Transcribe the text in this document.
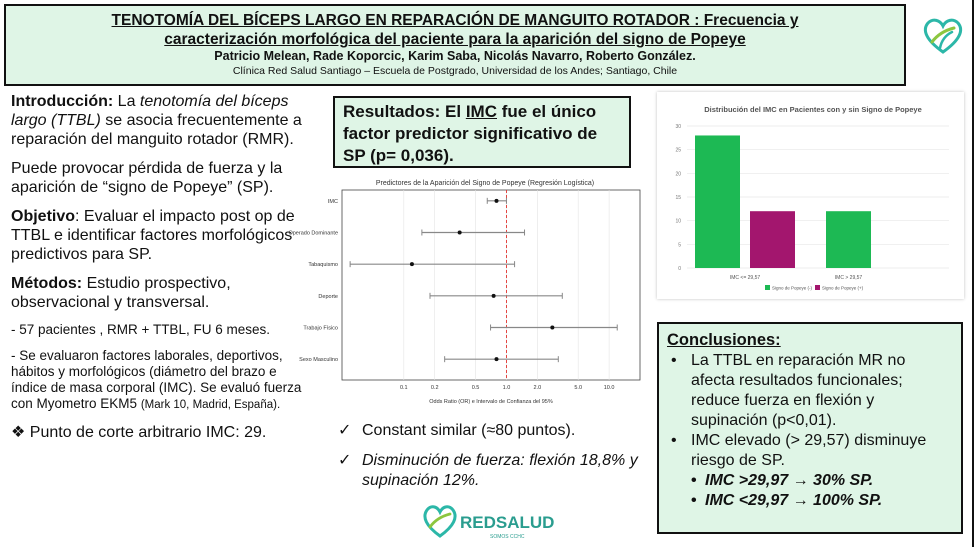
TENOTOMÍA DEL BÍCEPS LARGO EN REPARACIÓN DE MANGUITO ROTADOR : Frecuencia y
caracterización morfológica del paciente para la aparición del signo de Popeye
Patricio Melean, Rade Koporcic, Karim Saba, Nicolás Navarro, Roberto González.
Clínica Red Salud Santiago – Escuela de Postgrado, Universidad de los Andes; Santiago, Chile

Introducción: La tenotomía del bíceps largo (TTBL) se asocia frecuentemente a reparación del manguito rotador (RMR).

Puede provocar pérdida de fuerza y la aparición de “signo de Popeye” (SP).

Objetivo: Evaluar el impacto post op de TTBL e identificar factores morfológicos predictivos para SP.

Métodos: Estudio prospectivo, observacional y transversal.

- 57 pacientes , RMR + TTBL, FU 6 meses.

- Se evaluaron factores laborales, deportivos, hábitos y morfológicos (diámetro del brazo e índice de masa corporal (IMC). Se evaluó fuerza con Myometro EKM5 (Mark 10, Madrid, España).

❖ Punto de corte arbitrario IMC: 29.

Resultados: El IMC fue el único factor predictor significativo de SP (p= 0,036).
Predictores de la Aparición del Signo de Popeye (Regresión Logística)
IMC
Operado Dominante
Tabaquismo
Deporte
Trabajo Físico
Sexo Masculino
0.1	0.2	0.5	1.0	2.0	5.0	10.0
Odds Ratio (OR) e Intervalo de Confianza del 95%
✓ Constant similar (≈80 puntos).
✓ Disminución de fuerza: flexión 18,8% y supinación 12%.
REDSALUD
SOMOS CCHC
Distribución del IMC en Pacientes con y sin Signo de Popeye
0
5
10
15
20
25
30
IMC <= 29,57	IMC > 29,57
Signo de Popeye (-) Signo de Popeye (+)
Conclusiones:
• La TTBL en reparación MR no afecta resultados funcionales; reduce fuerza en flexión y supinación (p<0,01).
• IMC elevado (> 29,57) disminuye riesgo de SP.
• IMC >29,97 → 30% SP.
• IMC <29,97 → 100% SP.
